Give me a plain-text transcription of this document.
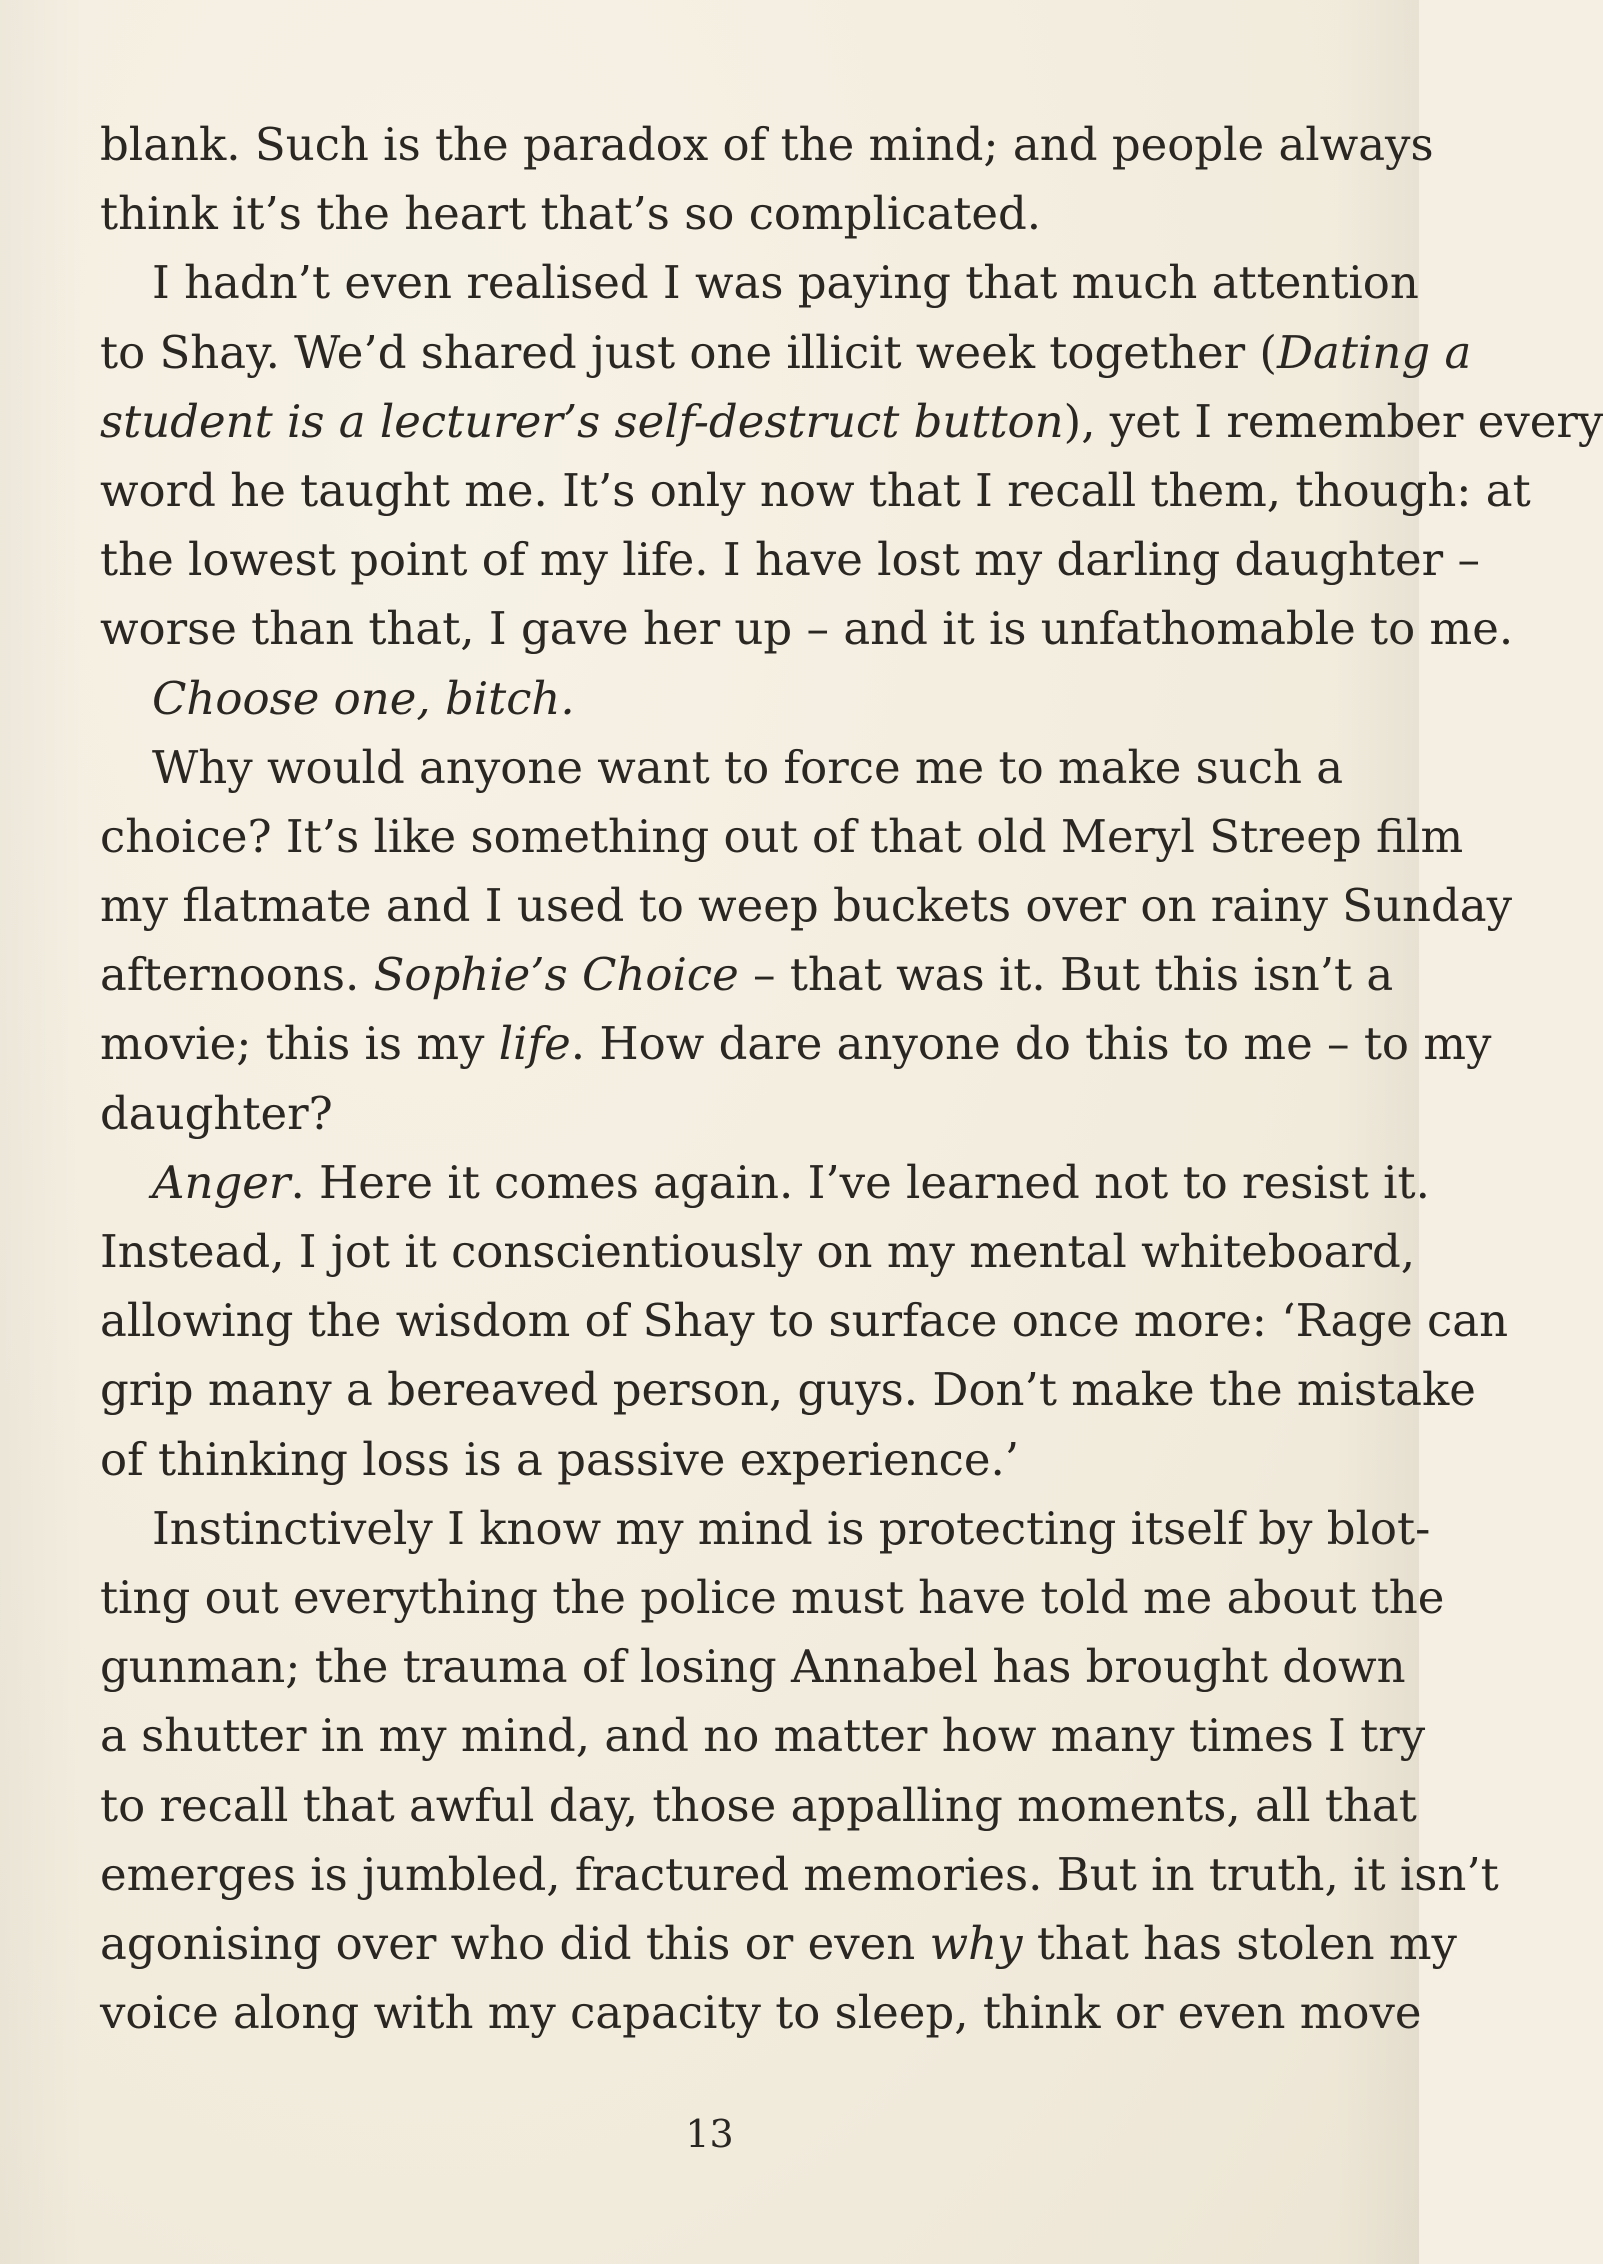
blank. Such is the paradox of the mind; and people always
think it’s the heart that’s so complicated.
I hadn’t even realised I was paying that much attention
to Shay. We’d shared just one illicit week together (Dating a
student is a lecturer’s self-destruct button), yet I remember every
word he taught me. It’s only now that I recall them, though: at
the lowest point of my life. I have lost my darling daughter –
worse than that, I gave her up – and it is unfathomable to me.
Choose one, bitch.
Why would anyone want to force me to make such a
choice? It’s like something out of that old Meryl Streep film
my flatmate and I used to weep buckets over on rainy Sunday
afternoons. Sophie’s Choice – that was it. But this isn’t a
movie; this is my life. How dare anyone do this to me – to my
daughter?
Anger. Here it comes again. I’ve learned not to resist it.
Instead, I jot it conscientiously on my mental whiteboard,
allowing the wisdom of Shay to surface once more: ‘Rage can
grip many a bereaved person, guys. Don’t make the mistake
of thinking loss is a passive experience.’
Instinctively I know my mind is protecting itself by blot-
ting out everything the police must have told me about the
gunman; the trauma of losing Annabel has brought down
a shutter in my mind, and no matter how many times I try
to recall that awful day, those appalling moments, all that
emerges is jumbled, fractured memories. But in truth, it isn’t
agonising over who did this or even why that has stolen my
voice along with my capacity to sleep, think or even move
13
